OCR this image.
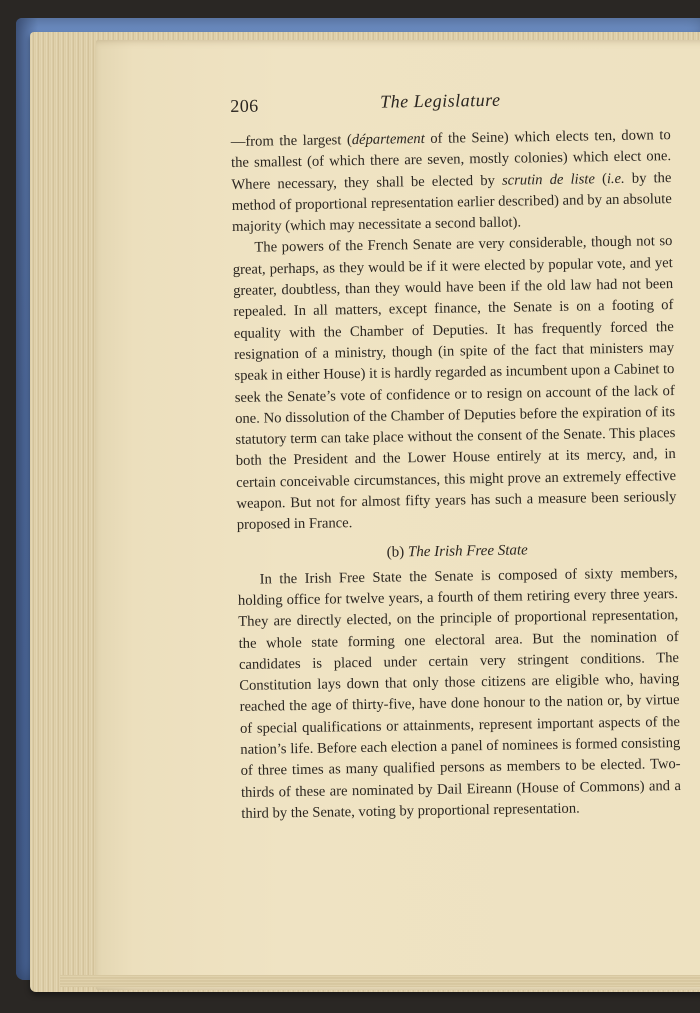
206	The Legislature

—from the largest (département of the Seine) which elects ten, down to the smallest (of which there are seven, mostly colonies) which elect one. Where necessary, they shall be elected by scrutin de liste (i.e. by the method of proportional representation earlier described) and by an absolute majority (which may necessitate a second ballot).

The powers of the French Senate are very considerable, though not so great, perhaps, as they would be if it were elected by popular vote, and yet greater, doubtless, than they would have been if the old law had not been repealed. In all matters, except finance, the Senate is on a footing of equality with the Chamber of Deputies. It has frequently forced the resignation of a ministry, though (in spite of the fact that ministers may speak in either House) it is hardly regarded as incumbent upon a Cabinet to seek the Senate’s vote of confidence or to resign on account of the lack of one. No dissolution of the Chamber of Deputies before the expiration of its statutory term can take place without the consent of the Senate. This places both the President and the Lower House entirely at its mercy, and, in certain conceivable circumstances, this might prove an extremely effective weapon. But not for almost fifty years has such a measure been seriously proposed in France.

(b) The Irish Free State

In the Irish Free State the Senate is composed of sixty members, holding office for twelve years, a fourth of them retiring every three years. They are directly elected, on the principle of proportional representation, the whole state forming one electoral area. But the nomination of candidates is placed under certain very stringent conditions. The Constitution lays down that only those citizens are eligible who, having reached the age of thirty-five, have done honour to the nation or, by virtue of special qualifications or attainments, represent important aspects of the nation’s life. Before each election a panel of nominees is formed consisting of three times as many qualified persons as members to be elected. Two-thirds of these are nominated by Dail Eireann (House of Commons) and a third by the Senate, voting by proportional representation.
